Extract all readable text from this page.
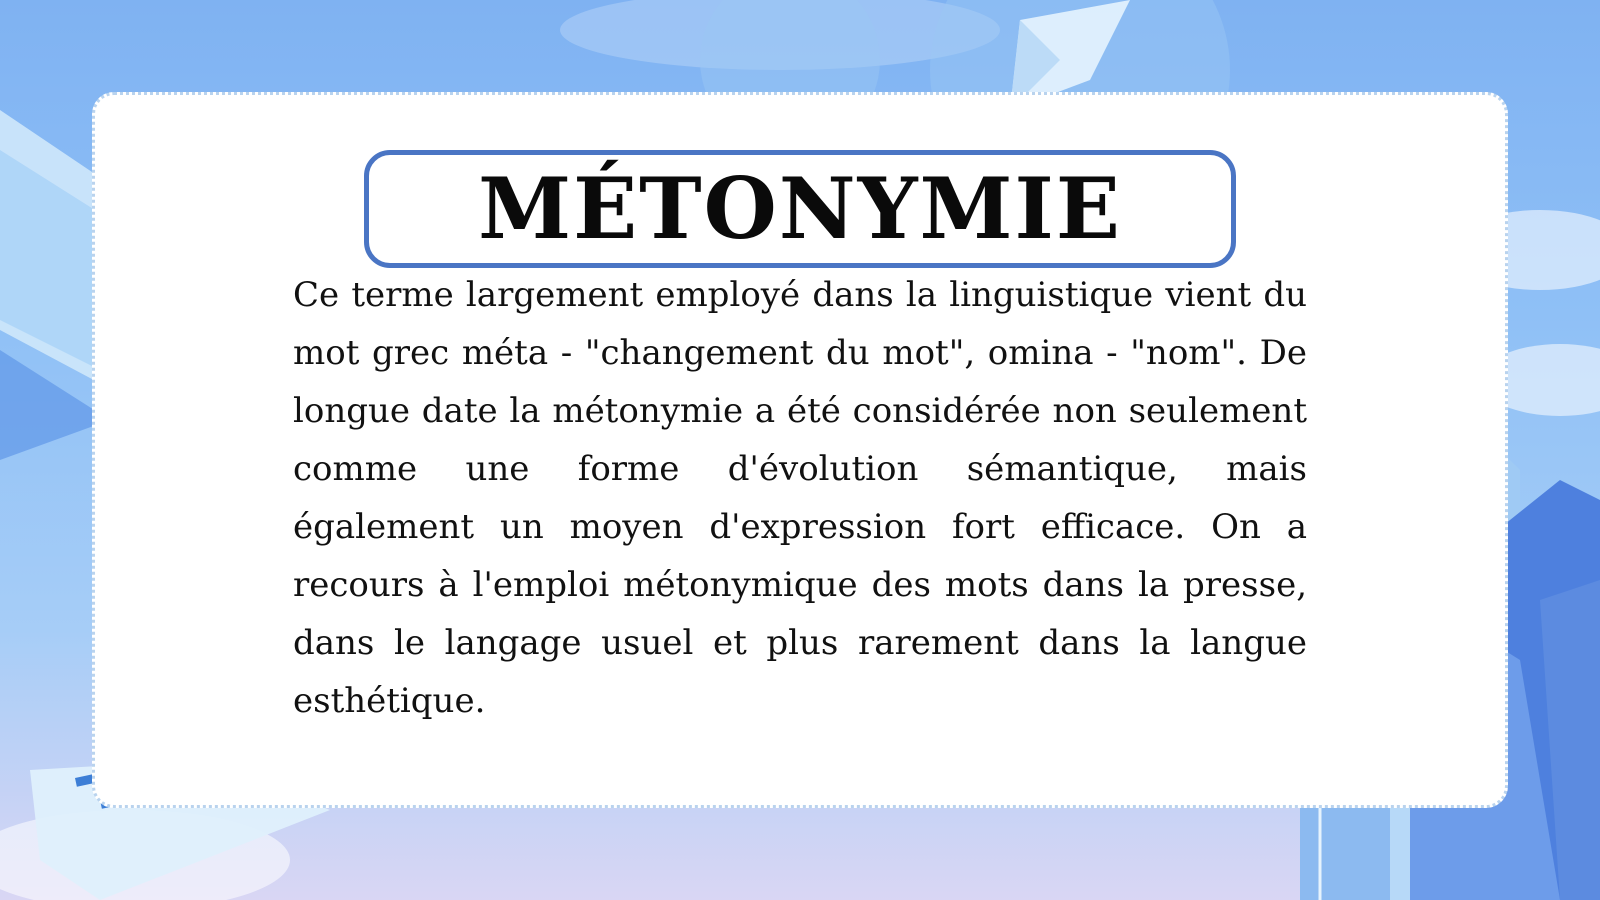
MÉTONYMIE

Ce terme largement employé dans la linguistique vient du mot grec méta - "changement du mot", omina - "nom". De longue date la métonymie a été considérée non seulement comme une forme d'évolution sémantique, mais également un moyen d'expression fort efficace. On a recours à l'emploi métonymique des mots dans la presse, dans le langage usuel et plus rarement dans la langue esthétique.
